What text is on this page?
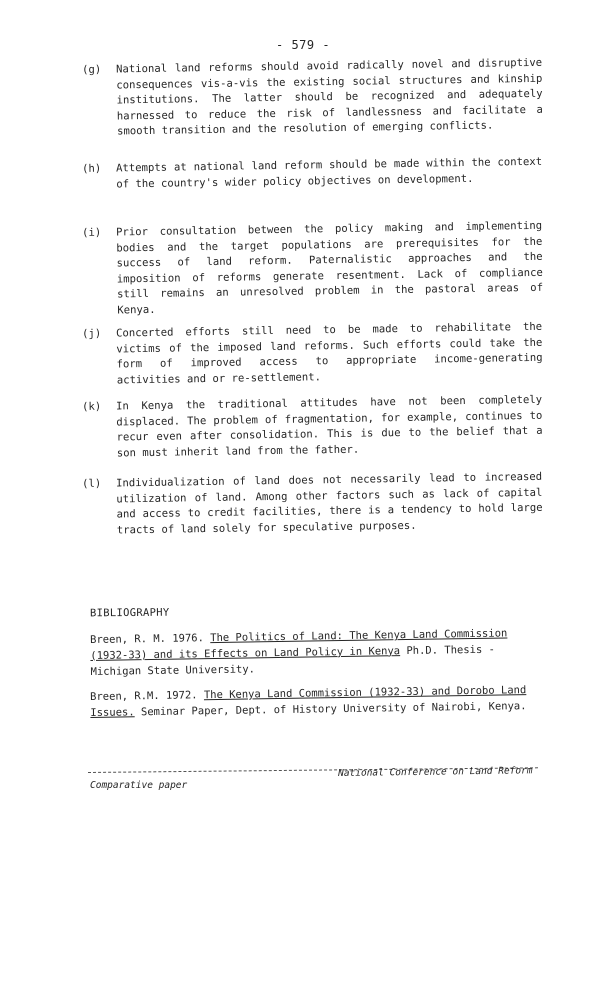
- 579 -
(g) National land reforms should avoid radically novel and disruptive consequences vis-a-vis the existing social structures and kinship institutions. The latter should be recognized and adequately harnessed to reduce the risk of landlessness and facilitate a smooth transition and the resolution of emerging conflicts.
(h) Attempts at national land reform should be made within the context of the country's wider policy objectives on development.
(i) Prior consultation between the policy making and implementing bodies and the target populations are prerequisites for the success of land reform. Paternalistic approaches and the imposition of reforms generate resentment. Lack of compliance still remains an unresolved problem in the pastoral areas of Kenya.
(j) Concerted efforts still need to be made to rehabilitate the victims of the imposed land reforms. Such efforts could take the form of improved access to appropriate income-generating activities and or re-settlement.
(k) In Kenya the traditional attitudes have not been completely displaced. The problem of fragmentation, for example, continues to recur even after consolidation. This is due to the belief that a son must inherit land from the father.
(l) Individualization of land does not necessarily lead to increased utilization of land. Among other factors such as lack of capital and access to credit facilities, there is a tendency to hold large tracts of land solely for speculative purposes.
BIBLIOGRAPHY
Breen, R. M. 1976. The Politics of Land: The Kenya Land Commission (1932-33) and its Effects on Land Policy in Kenya Ph.D. Thesis - Michigan State University.
Breen, R.M. 1972. The Kenya Land Commission (1932-33) and Dorobo Land Issues. Seminar Paper, Dept. of History University of Nairobi, Kenya.
Comparative paper
National Conference on Land Reform
